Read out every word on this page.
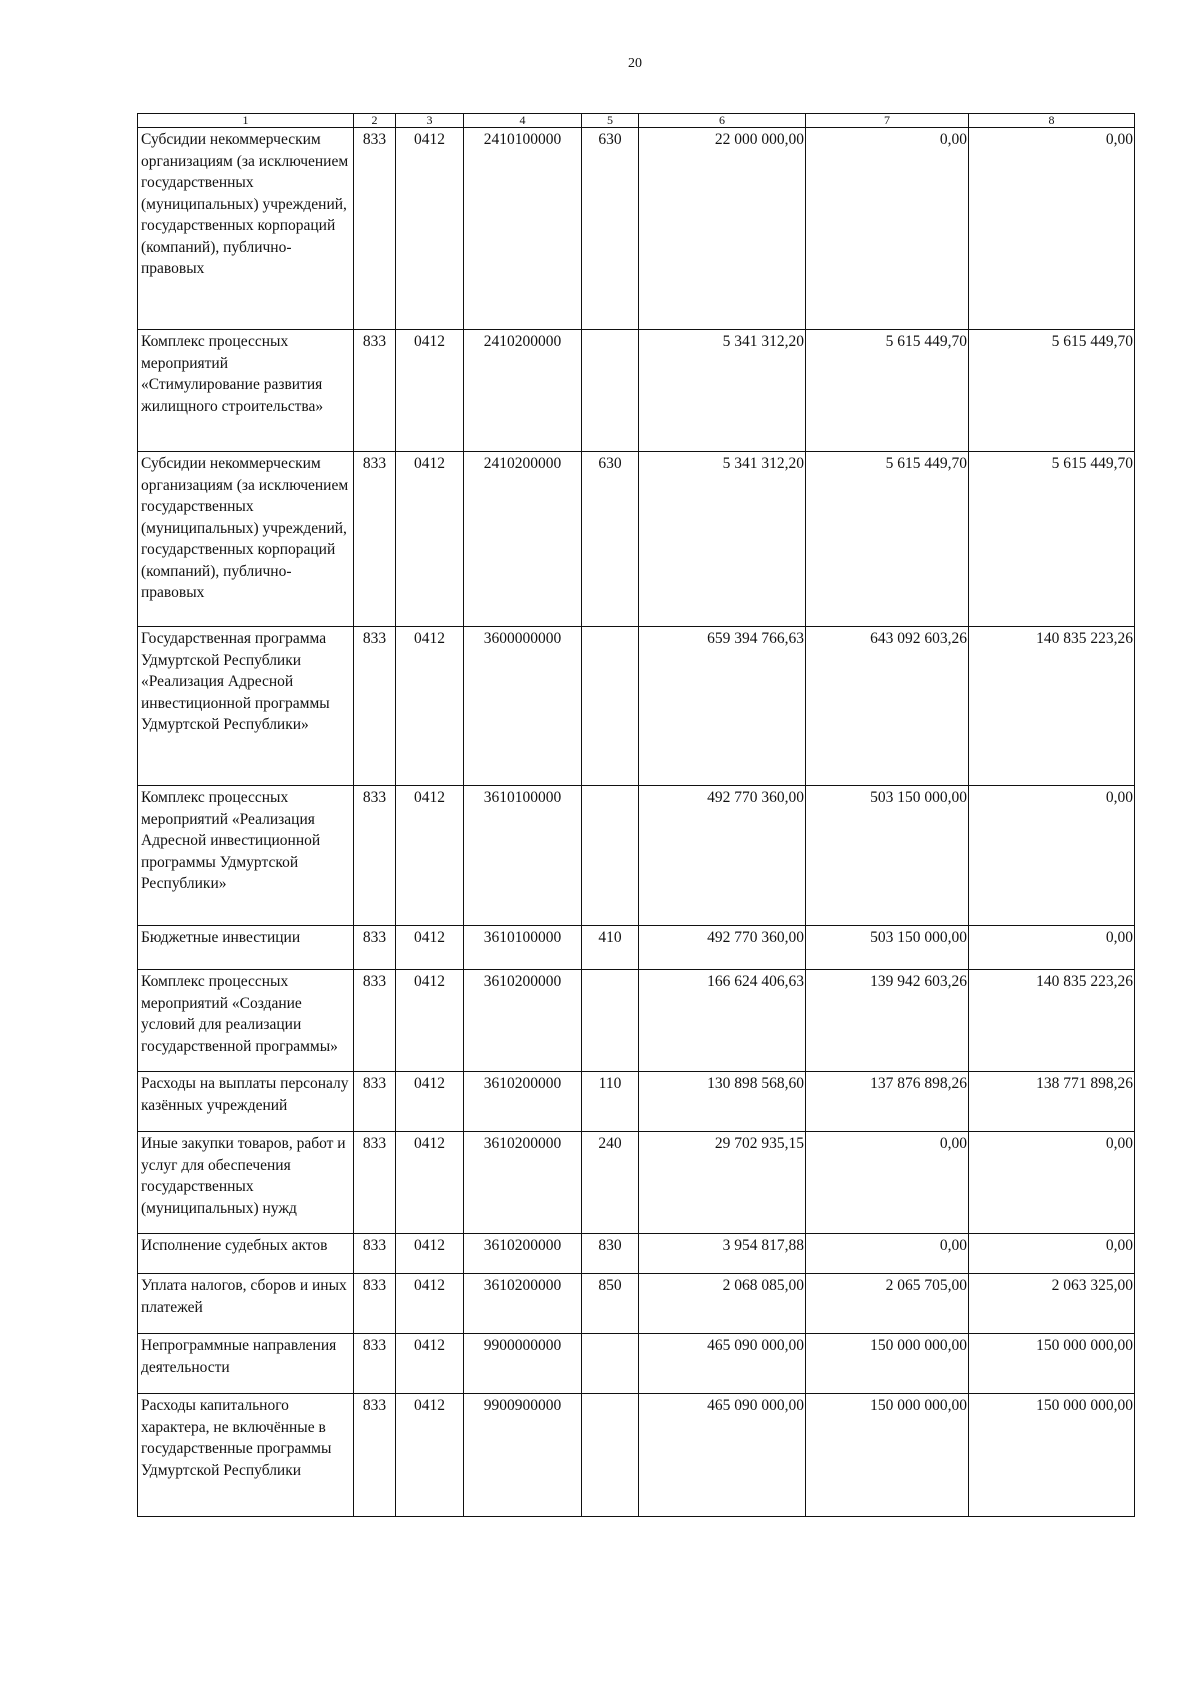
20
1	2	3	4	5	6	7	8

Субсидии некоммерческим организациям (за исключением государственных (муниципальных) учреждений, государственных корпораций (компаний), публично-правовых	833	0412	2410100000	630	22 000 000,00	0,00	0,00

Комплекс процессных мероприятий «Стимулирование развития жилищного строительства»	833	0412	2410200000		5 341 312,20	5 615 449,70	5 615 449,70

Субсидии некоммерческим организациям (за исключением государственных (муниципальных) учреждений, государственных корпораций (компаний), публично-правовых	833	0412	2410200000	630	5 341 312,20	5 615 449,70	5 615 449,70

Государственная программа Удмуртской Республики «Реализация Адресной инвестиционной программы Удмуртской Республики»	833	0412	3600000000		659 394 766,63	643 092 603,26	140 835 223,26

Комплекс процессных мероприятий «Реализация Адресной инвестиционной программы Удмуртской Республики»	833	0412	3610100000		492 770 360,00	503 150 000,00	0,00

Бюджетные инвестиции	833	0412	3610100000	410	492 770 360,00	503 150 000,00	0,00

Комплекс процессных мероприятий «Создание условий для реализации государственной программы»	833	0412	3610200000		166 624 406,63	139 942 603,26	140 835 223,26

Расходы на выплаты персоналу казённых учреждений	833	0412	3610200000	110	130 898 568,60	137 876 898,26	138 771 898,26

Иные закупки товаров, работ и услуг для обеспечения государственных (муниципальных) нужд	833	0412	3610200000	240	29 702 935,15	0,00	0,00

Исполнение судебных актов	833	0412	3610200000	830	3 954 817,88	0,00	0,00

Уплата налогов, сборов и иных платежей	833	0412	3610200000	850	2 068 085,00	2 065 705,00	2 063 325,00

Непрограммные направления деятельности	833	0412	9900000000		465 090 000,00	150 000 000,00	150 000 000,00

Расходы капитального характера, не включённые в государственные программы Удмуртской Республики	833	0412	9900900000		465 090 000,00	150 000 000,00	150 000 000,00
